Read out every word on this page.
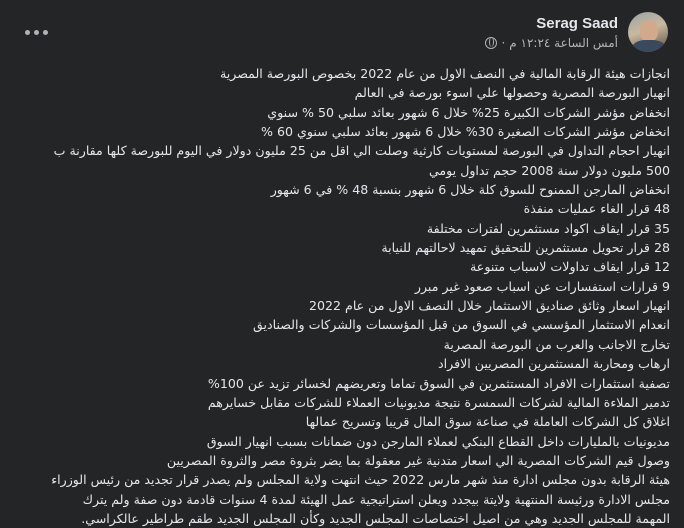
Serag Saad
أمس الساعة ١٢:٢٤ م
·
انجازات هيئة الرقابة المالية في النصف الاول من عام 2022 بخصوص البورصة المصرية
انهيار البورصة المصرية وحصولها علي اسوء بورصة في العالم
انخفاض مؤشر الشركات الكبيرة 25% خلال 6 شهور بعائد سلبي 50 % سنوي
انخفاض مؤشر الشركات الصغيرة 30% خلال 6 شهور بعائد سلبي سنوي 60 %
انهيار احجام التداول في البورصة لمستويات كارثية وصلت الي اقل من 25 مليون دولار في اليوم للبورصة كلها مقارنة ب
500 مليون دولار سنة 2008 حجم تداول يومي
انخفاض المارجن الممنوح للسوق كلة خلال 6 شهور بنسبة 48 % في 6 شهور
48 قرار الغاء عمليات منفذة
35 قرار ايقاف اكواد مستثمرين لفترات مختلفة
28 قرار تحويل مستثمرين للتحقيق تمهيد لاحالتهم للنيابة
12 قرار ايقاف تداولات لاسباب متنوعة
9 قرارات استفسارات عن اسباب صعود غير مبرر
انهيار اسعار وثائق صناديق الاستثمار خلال النصف الاول من عام 2022
انعدام الاستثمار المؤسسي في السوق من قبل المؤسسات والشركات والصناديق
تخارج الاجانب والعرب من البورصة المصرية
ارهاب ومحاربة المستثمرين المصريين الافراد
تصفية استثمارات الافراد المستثمرين في السوق تماما وتعريضهم لخسائر تزيد عن 100%
تدمير الملاءة المالية لشركات السمسرة نتيجة مديونيات العملاء للشركات مقابل خسايرهم
اغلاق كل الشركات العاملة في صناعة سوق المال قريبا وتسريح عمالها
مديونيات بالمليارات داخل القطاع البنكي لعملاء المارجن دون ضمانات بسبب انهيار السوق
وصول قيم الشركات المصرية الي اسعار متدنية غير معقولة بما يضر بثروة مصر والثروة المصريين
هيئة الرقابة بدون مجلس ادارة منذ شهر مارس 2022 حيث انتهت ولاية المجلس ولم يصدر قرار تجديد من رئيس الوزراء
مجلس الادارة ورئيسة المنتهية ولايتة بيجدد ويعلن استراتيجية عمل الهيئة لمدة 4 سنوات قادمة دون صفة ولم يترك
المهمة للمجلس الجديد وهي من اصيل اختصاصات المجلس الجديد وكأن المجلس الجديد طقم طراطير عالكراسي.
